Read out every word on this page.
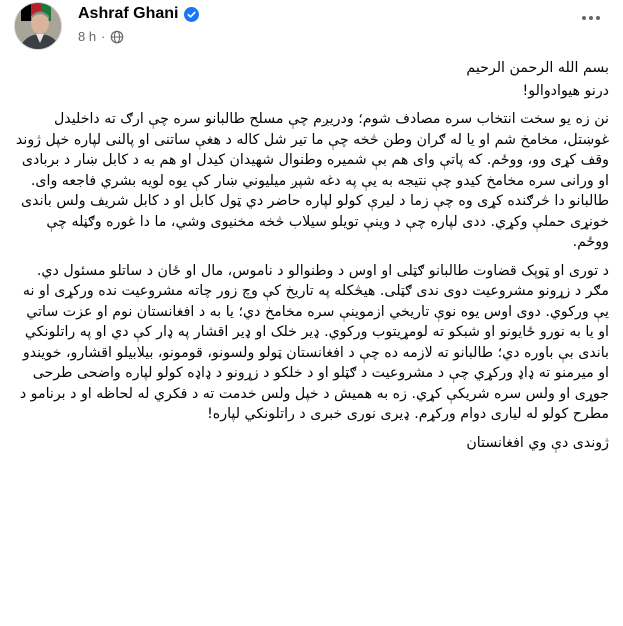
Ashraf Ghani
8 h ·

بسم الله الرحمن الرحیم

درنو هیوادوالو!

نن زه یو سخت انتخاب سره مصادف شوم؛ ودریږم چې مسلح طالبانو سره چې ارګ ته داخلیدل غوښتل، مخامخ شم او یا له ګران وطن څخه چې ما تیر شل کاله د هغې ساتنی او پالنی لپاره خپل ژوند وقف کړی وو، ووځم. که پاتې وای هم بې شمیره وطنوال شهیدان کیدل او هم به د کابل ښار د بربادی او ورانی سره مخامخ کیدو چې نتیجه به یې په دغه شپږ میلیوني ښار کې یوه لویه بشري فاجعه وای. طالبانو دا څرګنده کړی وه چې زما د لیرې کولو لپاره حاضر دي ټول کابل او د کابل شریف ولس باندی خونړی حملې وکړي. ددی لپاره چې د وینې تویلو سیلاب څخه مخنیوی وشي، ما دا غوره وګڼله چې ووځم.

د توری او ټوپک قضاوت طالبانو ګټلی او اوس د وطنوالو د ناموس، مال او ځان د ساتلو مسئول دي. مګر د زړونو مشروعیت دوی ندی ګټلی. هیڅکله په تاریخ کې وچ زور چاته مشروعیت نده ورکړی او نه یې ورکوي. دوی اوس یوه نوې تاریخي ازموینې سره مخامخ دي؛ یا به د افغانستان نوم او عزت ساتي او یا به نورو ځایونو او شبکو ته لومړیتوب ورکوي. ډیر خلک او ډیر اقشار په ډار کې دي او په راتلونکي باندی بې باوره دي؛ طالبانو ته لازمه ده چې د افغانستان ټولو ولسونو، قومونو، بیلابیلو اقشارو، خویندو او میرمنو ته ډاډ ورکړي چې د مشروعیت د ګټلو او د خلکو د زړونو د ډاډه کولو لپاره واضحی طرحی جوړی او ولس سره شریکې کړي. زه به همیش د خپل ولس خدمت ته د فکري له لحاظه او د برنامو د مطرح کولو له لیاری دوام ورکړم. ډیری نوری خبری د راتلونکي لپاره!

ژوندی دې وي افغانستان
